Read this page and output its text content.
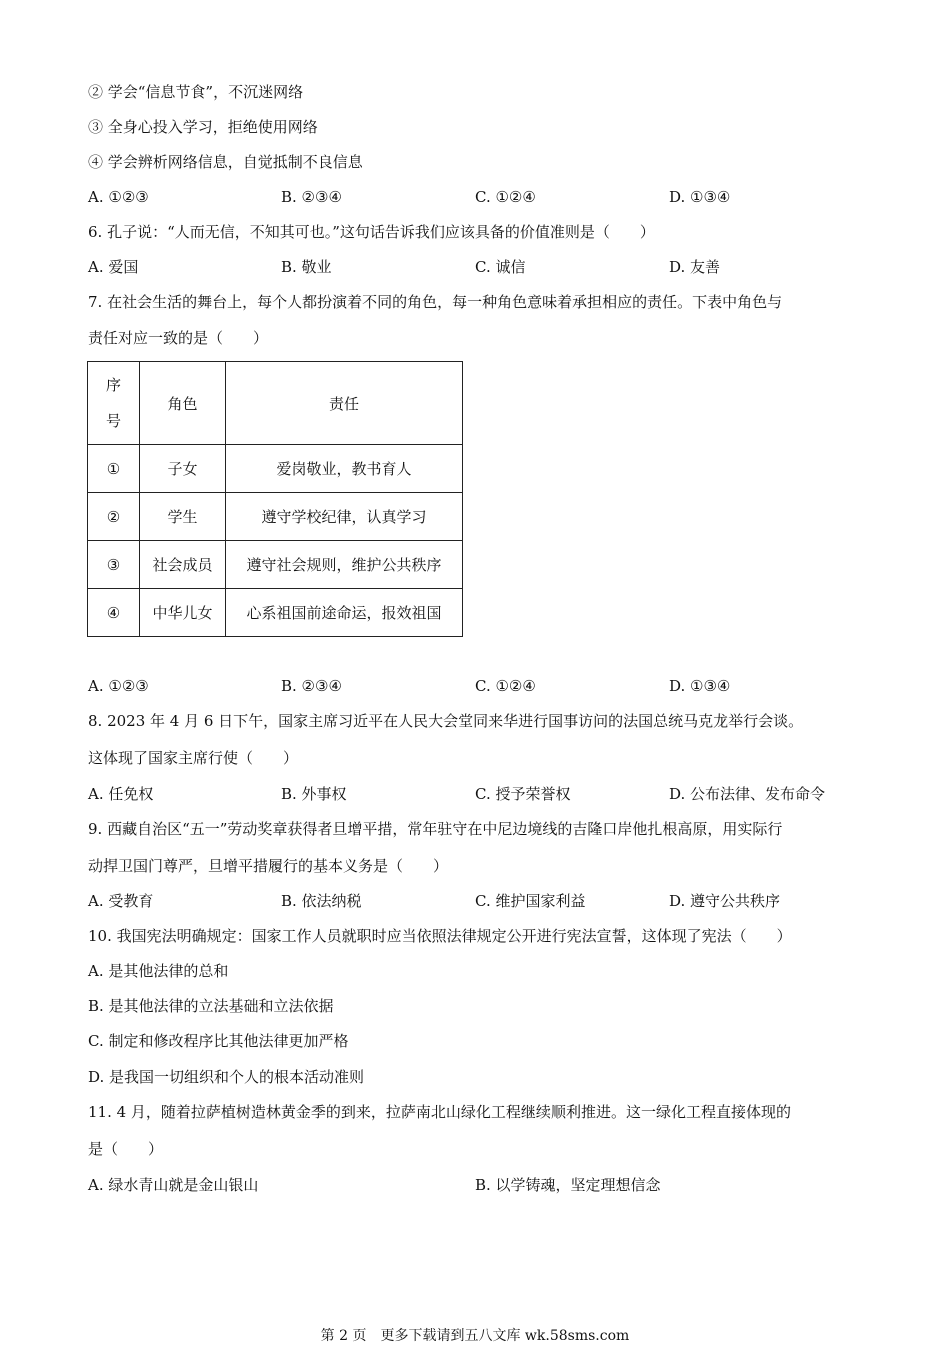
② 学会“信息节食”，不沉迷网络
③ 全身心投入学习，拒绝使用网络
④ 学会辨析网络信息，自觉抵制不良信息
A. ①②③	B. ②③④	C. ①②④	D. ①③④
6. 孔子说：“人而无信，不知其可也。”这句话告诉我们应该具备的价值准则是（　　）
A. 爱国	B. 敬业	C. 诚信	D. 友善
7. 在社会生活的舞台上，每个人都扮演着不同的角色，每一种角色意味着承担相应的责任。下表中角色与
责任对应一致的是（　　）
序
号	角色	责任
①	子女	爱岗敬业，教书育人
②	学生	遵守学校纪律，认真学习
③	社会成员	遵守社会规则，维护公共秩序
④	中华儿女	心系祖国前途命运，报效祖国
A. ①②③	B. ②③④	C. ①②④	D. ①③④
8. 2023 年 4 月 6 日下午，国家主席习近平在人民大会堂同来华进行国事访问的法国总统马克龙举行会谈。
这体现了国家主席行使（　　）
A. 任免权	B. 外事权	C. 授予荣誉权	D. 公布法律、发布命令
9. 西藏自治区“五一”劳动奖章获得者旦增平措，常年驻守在中尼边境线的吉隆口岸他扎根高原，用实际行
动捍卫国门尊严，旦增平措履行的基本义务是（　　）
A. 受教育	B. 依法纳税	C. 维护国家利益	D. 遵守公共秩序
10. 我国宪法明确规定：国家工作人员就职时应当依照法律规定公开进行宪法宣誓，这体现了宪法（　　）
A. 是其他法律的总和
B. 是其他法律的立法基础和立法依据
C. 制定和修改程序比其他法律更加严格
D. 是我国一切组织和个人的根本活动准则
11. 4 月，随着拉萨植树造林黄金季的到来，拉萨南北山绿化工程继续顺利推进。这一绿化工程直接体现的
是（　　）
A. 绿水青山就是金山银山	B. 以学铸魂，坚定理想信念
第 2 页　更多下载请到五八文库 wk.58sms.com
